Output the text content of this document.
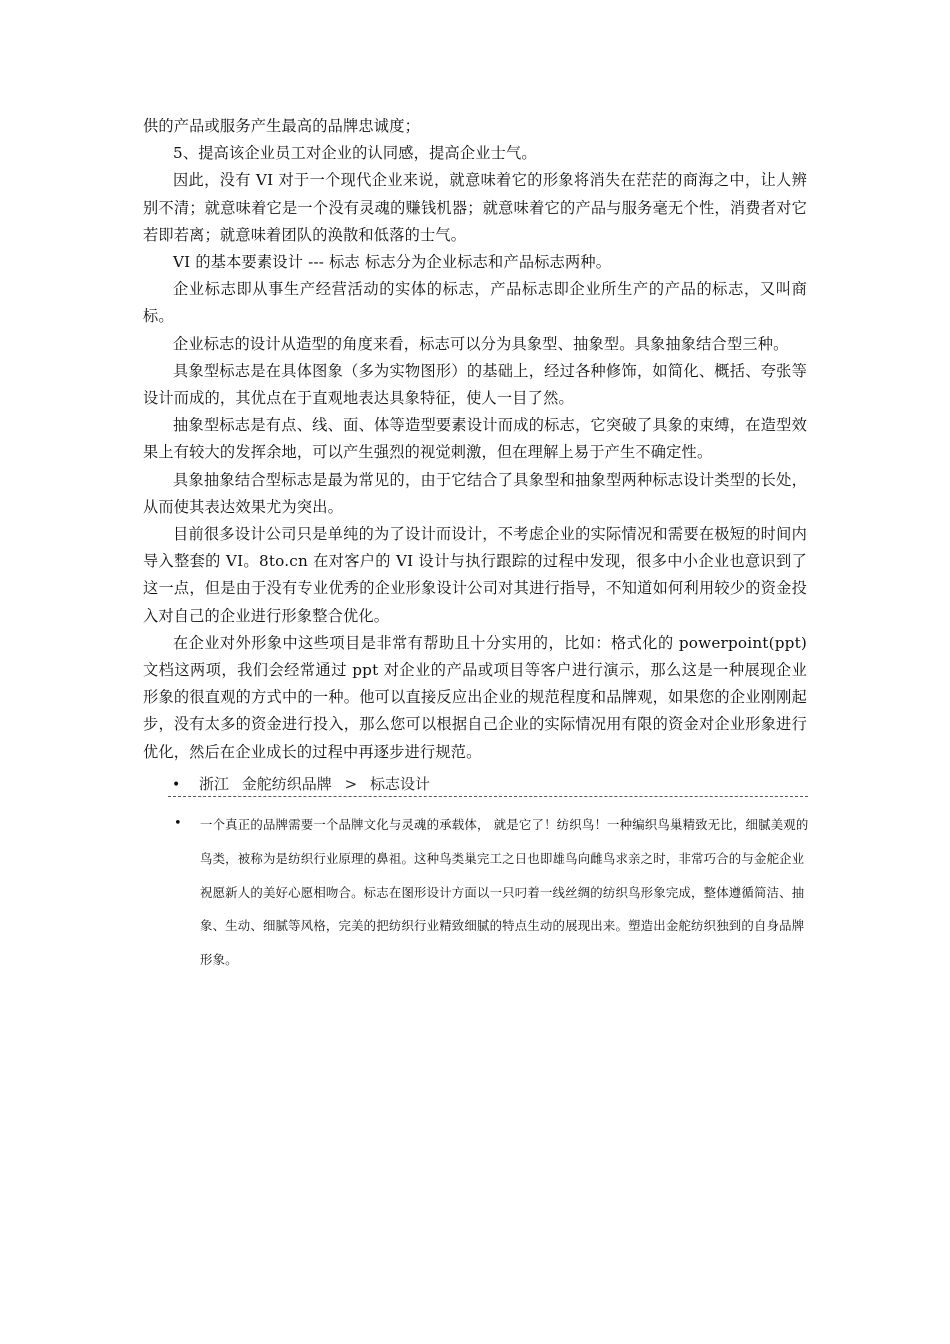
供的产品或服务产生最高的品牌忠诚度；

5、提高该企业员工对企业的认同感，提高企业士气。

因此，没有 VI 对于一个现代企业来说，就意味着它的形象将消失在茫茫的商海之中，让人辨别不清；就意味着它是一个没有灵魂的赚钱机器；就意味着它的产品与服务毫无个性，消费者对它若即若离；就意味着团队的涣散和低落的士气。

VI 的基本要素设计 --- 标志 标志分为企业标志和产品标志两种。

企业标志即从事生产经营活动的实体的标志，产品标志即企业所生产的产品的标志，又叫商标。

企业标志的设计从造型的角度来看，标志可以分为具象型、抽象型。具象抽象结合型三种。

具象型标志是在具体图象（多为实物图形）的基础上，经过各种修饰，如简化、概括、夸张等设计而成的，其优点在于直观地表达具象特征，使人一目了然。

抽象型标志是有点、线、面、体等造型要素设计而成的标志，它突破了具象的束缚，在造型效果上有较大的发挥余地，可以产生强烈的视觉刺激，但在理解上易于产生不确定性。

具象抽象结合型标志是最为常见的，由于它结合了具象型和抽象型两种标志设计类型的长处，从而使其表达效果尤为突出。

目前很多设计公司只是单纯的为了设计而设计，不考虑企业的实际情况和需要在极短的时间内导入整套的 VI。8to.cn 在对客户的 VI 设计与执行跟踪的过程中发现，很多中小企业也意识到了这一点，但是由于没有专业优秀的企业形象设计公司对其进行指导，不知道如何利用较少的资金投入对自己的企业进行形象整合优化。

在企业对外形象中这些项目是非常有帮助且十分实用的，比如：格式化的 powerpoint(ppt)文档这两项，我们会经常通过 ppt 对企业的产品或项目等客户进行演示，那么这是一种展现企业形象的很直观的方式中的一种。他可以直接反应出企业的规范程度和品牌观，如果您的企业刚刚起步，没有太多的资金进行投入，那么您可以根据自己企业的实际情况用有限的资金对企业形象进行优化，然后在企业成长的过程中再逐步进行规范。

• 浙江 金舵纺织品牌 > 标志设计
• 一个真正的品牌需要一个品牌文化与灵魂的承载体， 就是它了！纺织鸟！一种编织鸟巢精致无比，细腻美观的鸟类，被称为是纺织行业原理的鼻祖。这种鸟类巢完工之日也即雄鸟向雌鸟求亲之时，非常巧合的与金舵企业祝愿新人的美好心愿相吻合。标志在图形设计方面以一只叼着一线丝绸的纺织鸟形象完成，整体遵循简洁、抽象、生动、细腻等风格，完美的把纺织行业精致细腻的特点生动的展现出来。塑造出金舵纺织独到的自身品牌形象。
